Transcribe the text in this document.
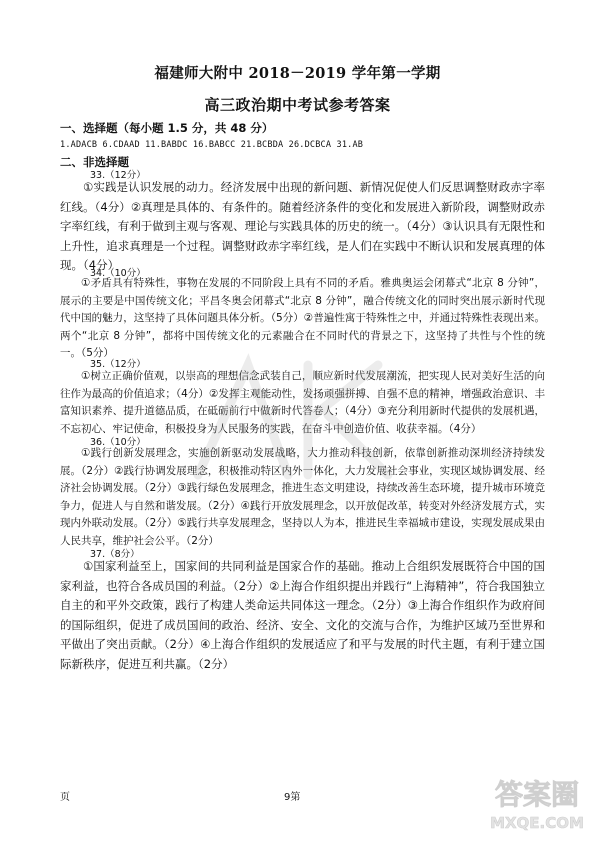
福建师大附中 2018－2019 学年第一学期
高三政治期中考试参考答案
一、选择题（每小题 1.5 分，共 48 分）
1.ADACB 6.CDAAD 11.BABDC 16.BABCC 21.BCBDA 26.DCBCA 31.AB
二、非选择题
33.（12分）
①实践是认识发展的动力。经济发展中出现的新问题、新情况促使人们反思调整财政赤字率红线。（4分）②真理是具体的、有条件的。随着经济条件的变化和发展进入新阶段，调整财政赤字率红线，有利于做到主观与客观、理论与实践具体的历史的统一。（4分）③认识具有无限性和上升性，追求真理是一个过程。调整财政赤字率红线，是人们在实践中不断认识和发展真理的体现。（4分）
34.（10分）
①矛盾具有特殊性，事物在发展的不同阶段上具有不同的矛盾。雅典奥运会闭幕式“北京 8 分钟”，展示的主要是中国传统文化；平昌冬奥会闭幕式“北京 8 分钟”，融合传统文化的同时突出展示新时代现代中国的魅力，这坚持了具体问题具体分析。（5分）②普遍性寓于特殊性之中，并通过特殊性表现出来。两个“北京 8 分钟”，都将中国传统文化的元素融合在不同时代的背景之下，这坚持了共性与个性的统一。（5分）
35.（12分）
①树立正确价值观，以崇高的理想信念武装自己，顺应新时代发展潮流，把实现人民对美好生活的向往作为最高的价值追求；（4分）②发挥主观能动性，发扬顽强拼搏、自强不息的精神，增强政治意识、丰富知识素养、提升道德品质，在砥砺前行中做新时代答卷人；（4分）③充分利用新时代提供的发展机遇，不忘初心、牢记使命，积极投身为人民服务的实践，在奋斗中创造价值、收获幸福。（4分）
36.（10分）
①践行创新发展理念，实施创新驱动发展战略，大力推动科技创新，依靠创新推动深圳经济持续发展。（2分）②践行协调发展理念，积极推动特区内外一体化，大力发展社会事业，实现区域协调发展、经济社会协调发展。（2分）③践行绿色发展理念，推进生态文明建设，持续改善生态环境，提升城市环境竞争力，促进人与自然和谐发展。（2分）④践行开放发展理念，以开放促改革，转变对外经济发展方式，实现内外联动发展。（2分）⑤践行共享发展理念，坚持以人为本，推进民生幸福城市建设，实现发展成果由人民共享，维护社会公平。（2分）
37.（8分）
①国家利益至上，国家间的共同利益是国家合作的基础。推动上合组织发展既符合中国的国家利益，也符合各成员国的利益。（2分）②上海合作组织提出并践行“上海精神”，符合我国独立自主的和平外交政策，践行了构建人类命运共同体这一理念。（2分）③上海合作组织作为政府间的国际组织，促进了成员国间的政治、经济、安全、文化的交流与合作，为维护区域乃至世界和平做出了突出贡献。（2分）④上海合作组织的发展适应了和平与发展的时代主题，有利于建立国际新秩序，促进互利共赢。（2分）
页	9第	答案圈
MXQE.COM
